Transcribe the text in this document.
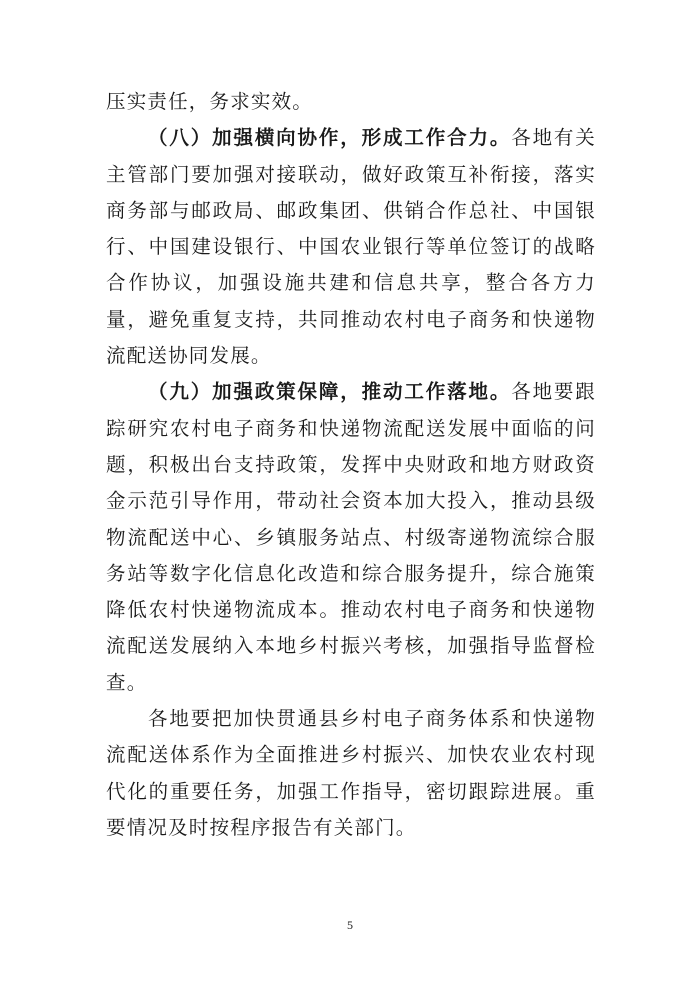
压实责任，务求实效。

（八）加强横向协作，形成工作合力。各地有关主管部门要加强对接联动，做好政策互补衔接，落实商务部与邮政局、邮政集团、供销合作总社、中国银行、中国建设银行、中国农业银行等单位签订的战略合作协议，加强设施共建和信息共享，整合各方力量，避免重复支持，共同推动农村电子商务和快递物流配送协同发展。

（九）加强政策保障，推动工作落地。各地要跟踪研究农村电子商务和快递物流配送发展中面临的问题，积极出台支持政策，发挥中央财政和地方财政资金示范引导作用，带动社会资本加大投入，推动县级物流配送中心、乡镇服务站点、村级寄递物流综合服务站等数字化信息化改造和综合服务提升，综合施策降低农村快递物流成本。推动农村电子商务和快递物流配送发展纳入本地乡村振兴考核，加强指导监督检查。

各地要把加快贯通县乡村电子商务体系和快递物流配送体系作为全面推进乡村振兴、加快农业农村现代化的重要任务，加强工作指导，密切跟踪进展。重要情况及时按程序报告有关部门。

5
